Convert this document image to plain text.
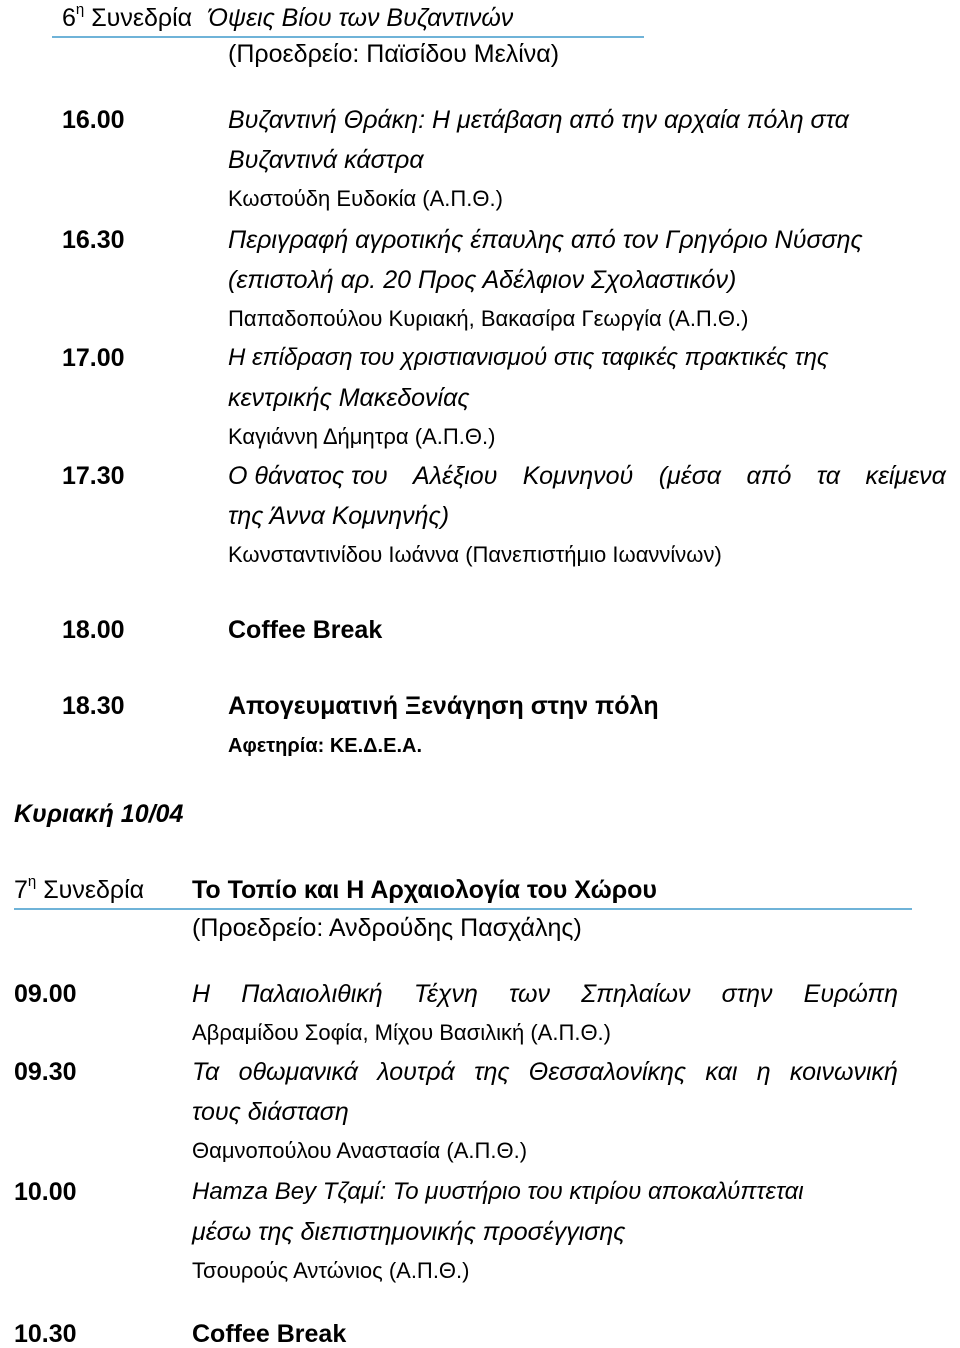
$6^\eta$ Συνεδρία Όψεις Βίου των Βυζαντινών
(Προεδρείο: Παϊσίδου Μελίνα)
16.00	Βυζαντινή Θράκη: Η μετάβαση από την αρχαία πόλη στα
Βυζαντινά κάστρα
Κωστούδη Ευδοκία (Α.Π.Θ.)
16.30	Περιγραφή αγροτικής έπαυλης από τον Γρηγόριο Νύσσης
(επιστολή αρ. 20 Προς Αδέλφιον Σχολαστικόν)
Παπαδοπούλου Κυριακή, Βακασίρα Γεωργία (Α.Π.Θ.)
17.00	Η επίδραση του χριστιανισμού στις ταφικές πρακτικές της
κεντρικής Μακεδονίας
Καγιάννη Δήμητρα (Α.Π.Θ.)
17.30	Ο θάνατος του Αλέξιου Κομνηνού (μέσα από τα κείμενα
της Άννα Κομνηνής)
Κωνσταντινίδου Ιωάννα (Πανεπιστήμιο Ιωαννίνων)
18.00	Coffee Break
18.30	Απογευματινή Ξενάγηση στην πόλη
Αφετηρία: ΚΕ.Δ.Ε.Α.
Κυριακή 10/04
$7^\eta$ Συνεδρία Το Τοπίο και Η Αρχαιολογία του Χώρου
(Προεδρείο: Ανδρούδης Πασχάλης)
09.00	Η Παλαιολιθική Τέχνη των Σπηλαίων στην Ευρώπη
Αβραμίδου Σοφία, Μίχου Βασιλική (Α.Π.Θ.)
09.30	Τα οθωμανικά λουτρά της Θεσσαλονίκης και η κοινωνική
τους διάσταση
Θαμνοπούλου Αναστασία (Α.Π.Θ.)
10.00	Hamza Bey Τζαμί: Το μυστήριο του κτιρίου αποκαλύπτεται
μέσω της διεπιστημονικής προσέγγισης
Τσουρούς Αντώνιος (Α.Π.Θ.)
10.30	Coffee Break
